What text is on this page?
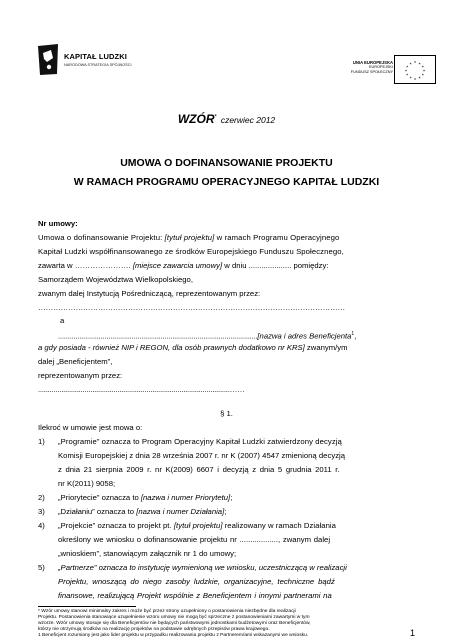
KAPITAŁ LUDZKI
NARODOWA STRATEGIA SPÓJNOŚCI	UNIA EUROPEJSKA
EUROPEJSKI
FUNDUSZ SPOŁECZNY
★ ★
★
★
★
★
★
★
★
★
★
★
WZÓR* czerwiec 2012
UMOWA O DOFINANSOWANIE PROJEKTU
W RAMACH PROGRAMU OPERACYJNEGO KAPITAŁ LUDZKI
Nr umowy:
Umowa o dofinansowanie Projektu: [tytuł projektu] w ramach Programu Operacyjnego
Kapitał Ludzki współfinansowanego ze środków Europejskiego Funduszu Społecznego,
zawarta w …………………. [miejsce zawarcia umowy] w dniu .................... pomiędzy:
Samorządem Województwa Wielkopolskiego,
zwanym dalej Instytucją Pośredniczącą, reprezentowanym przez:
……………………………………………………………………………………………………………
a
.......................................................................................................[nazwa i adres Beneficjenta$^1$,
a gdy posiada - również NIP i REGON, dla osób prawnych dodatkowo nr KRS] zwanym/ym
dalej „Beneficjentem”,
reprezentowanym przez:
...................................................................................................……
§ 1.
Ilekroć w umowie jest mowa o:
1) „Programie” oznacza to Program Operacyjny Kapitał Ludzki zatwierdzony decyzją
Komisji Europejskiej z dnia 28 września 2007 r. nr K (2007) 4547 zmienioną decyzją
z dnia 21 sierpnia 2009 r. nr K(2009) 6607 i decyzją z dnia 5 grudnia 2011 r.
nr K(2011) 9058;
2) „Priorytecie” oznacza to [nazwa i numer Priorytetu];
3) „Działaniu” oznacza to [nazwa i numer Działania];
4) „Projekcie” oznacza to projekt pt. [tytuł projektu] realizowany w ramach Działania
określony we wniosku o dofinansowanie projektu nr .................., zwanym dalej
„wnioskiem”, stanowiącym załącznik nr 1 do umowy;
5) „Partnerze” oznacza to instytucję wymienioną we wniosku, uczestniczącą w realizacji
Projektu, wnoszącą do niego zasoby ludzkie, organizacyjne, techniczne bądź
finansowe, realizującą Projekt wspólnie z Beneficjentem i innymi partnerami na
* Wzór umowy stanowi minimalny zakres i może być przez strony uzupełniony o postanowienia niezbędne dla realizacji
Projektu. Postanowienia stanowiące uzupełnienie wzoru umowy nie mogą być sprzeczne z postanowieniami zawartymi w tym
wzorze. Wzór umowy stosuje się dla Beneficjentów nie będących państwowymi jednostkami budżetowymi oraz Beneficjentów,
którzy nie otrzymują środków na realizację projektów na podstawie odrębnych przepisów prawa krajowego.
1 Beneficjent rozumiany jest jako lider projektu w przypadku realizowania projektu z Partnerem/ami wskazanymi we wniosku.	1
